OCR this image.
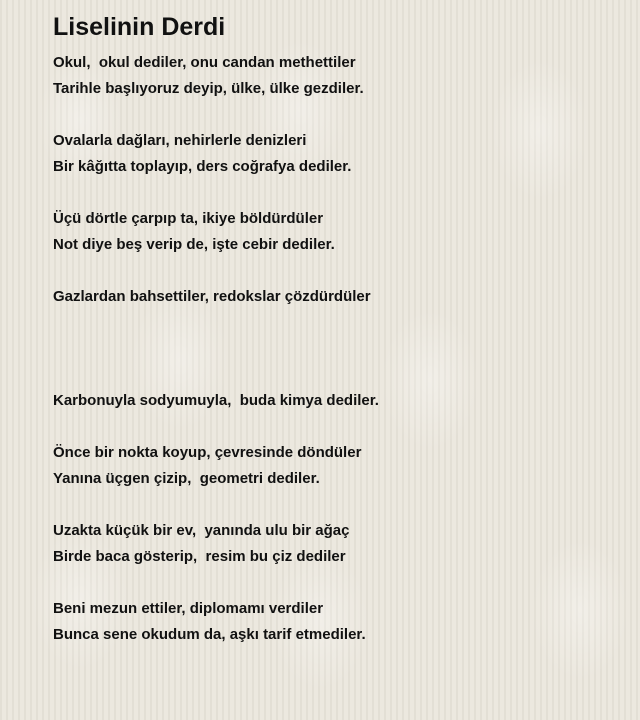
Liselinin Derdi
Okul,  okul dediler, onu candan methettiler
Tarihle başlıyoruz deyip, ülke, ülke gezdiler.
Ovalarla dağları, nehirlerle denizleri
Bir kâğıtta toplayıp, ders coğrafya dediler.
Üçü dörtle çarpıp ta, ikiye böldürdüler
Not diye beş verip de, işte cebir dediler.
Gazlardan bahsettiler, redokslar çözdürdüler
Karbonuyla sodyumuyla,  buda kimya dediler.
Önce bir nokta koyup, çevresinde döndüler
Yanına üçgen çizip,  geometri dediler.
Uzakta küçük bir ev,  yanında ulu bir ağaç
Birde baca gösterip,  resim bu çiz dediler
Beni mezun ettiler, diplomamı verdiler
Bunca sene okudum da, aşkı tarif etmediler.
